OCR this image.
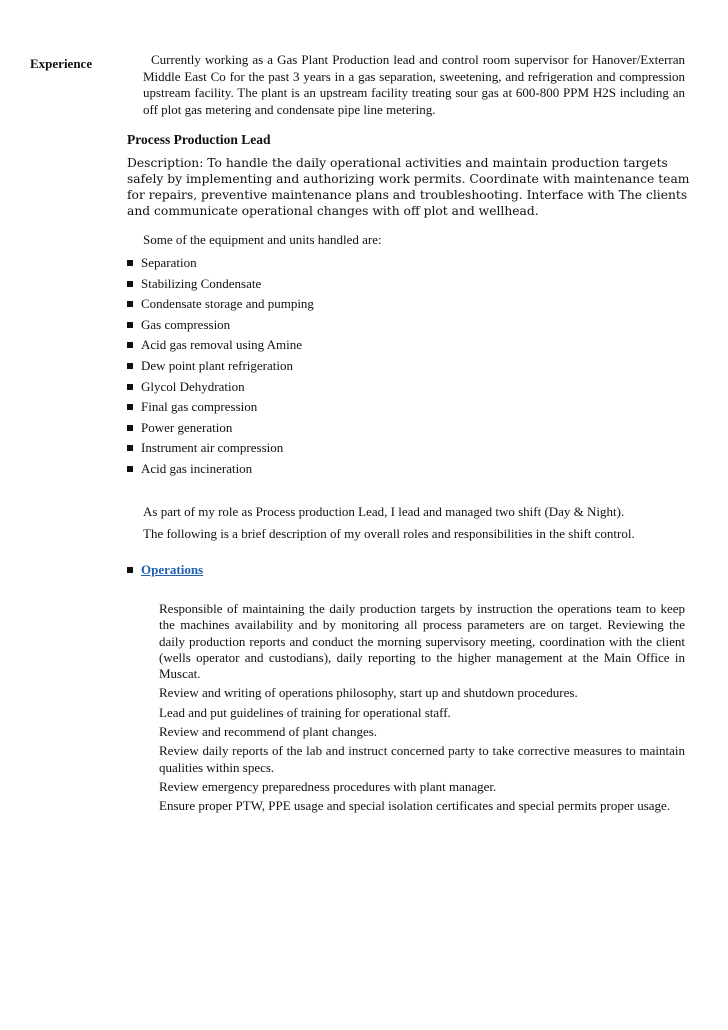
Experience	Currently working as a Gas Plant Production lead and control room supervisor for Hanover/Exterran Middle East Co for the past 3 years in a gas separation, sweetening, and refrigeration and compression upstream facility. The plant is an upstream facility treating sour gas at 600-800 PPM H2S including an off plot gas metering and condensate pipe line metering.
Process Production Lead
Description: To handle the daily operational activities and maintain production targets safely by implementing and authorizing work permits. Coordinate with maintenance team for repairs, preventive maintenance plans and troubleshooting. Interface with The clients and communicate operational changes with off plot and wellhead.
Some of the equipment and units handled are:
Separation
Stabilizing Condensate
Condensate storage and pumping
Gas compression
Acid gas removal using Amine
Dew point plant refrigeration
Glycol Dehydration
Final gas compression
Power generation
Instrument air compression
Acid gas incineration
As part of my role as Process production Lead, I lead and managed two shift (Day & Night).
The following is a brief description of my overall roles and responsibilities in the shift control.
Operations

Responsible of maintaining the daily production targets by instruction the operations team to keep the machines availability and by monitoring all process parameters are on target. Reviewing the daily production reports and conduct the morning supervisory meeting, coordination with the client (wells operator and custodians), daily reporting to the higher management at the Main Office in Muscat.

Review and writing of operations philosophy, start up and shutdown procedures.

Lead and put guidelines of training for operational staff.

Review and recommend of plant changes.

Review daily reports of the lab and instruct concerned party to take corrective measures to maintain qualities within specs.

Review emergency preparedness procedures with plant manager.

Ensure proper PTW, PPE usage and special isolation certificates and special permits proper usage.
